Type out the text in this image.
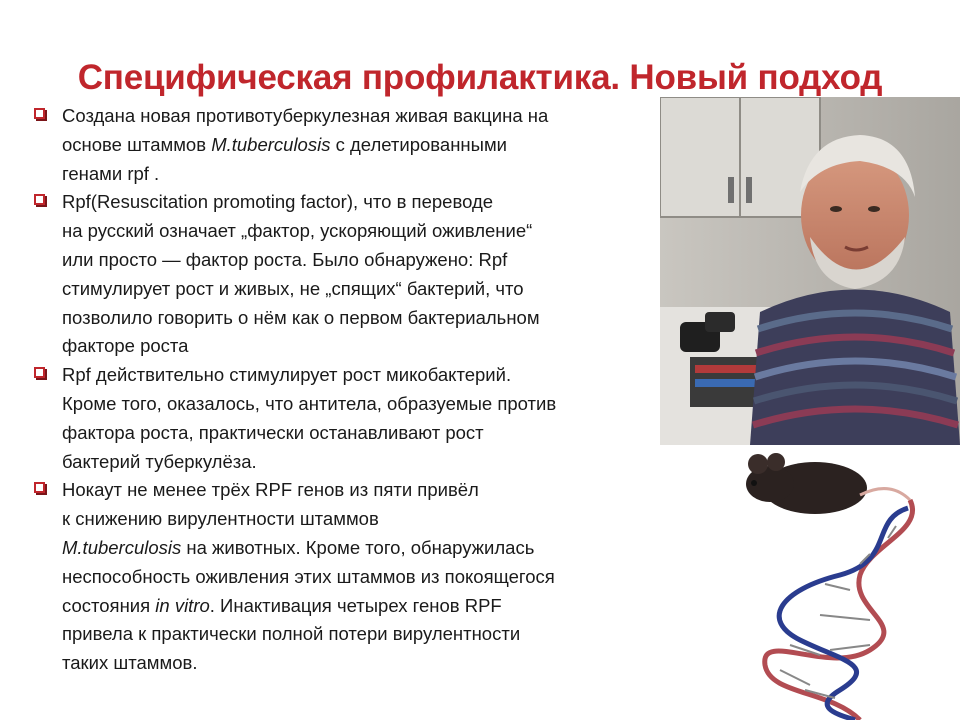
Специфическая профилактика. Новый подход
Создана новая противотуберкулезная живая вакцина на
основе штаммов M.tuberculosis с делетированными
генами rpf .
Rpf(Resuscitation promoting factor), что в переводе
на русский означает „фактор, ускоряющий оживление“
или просто — фактор роста. Было обнаружено: Rpf
стимулирует рост и живых, не „спящих“ бактерий, что
позволило говорить о нём как о первом бактериальном
факторе роста
Rpf действительно стимулирует рост микобактерий.
Кроме того, оказалось, что антитела, образуемые против
фактора роста, практически останавливают рост
бактерий туберкулёза.
Нокаут не менее трёх RPF генов из пяти привёл
к снижению вирулентности штаммов
M.tuberculosis на животных. Кроме того, обнаружилась
неспособность оживления этих штаммов из покоящегося
состояния in vitro. Инактивация четырех генов RPF
привела к практически полной потери вирулентности
таких штаммов.
